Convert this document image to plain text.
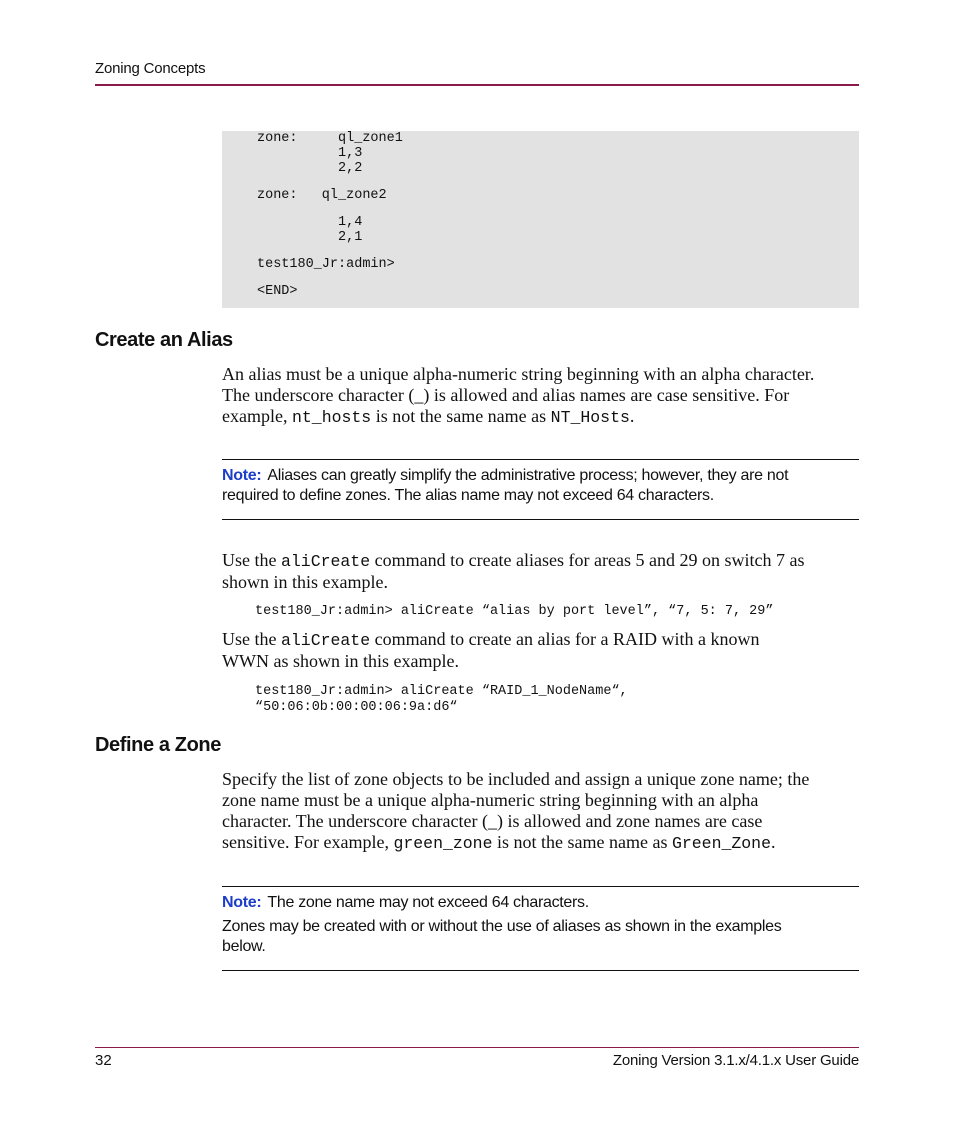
Zoning Concepts
zone:     ql_zone1
1,3
2,2
zone:   ql_zone2
1,4
2,1
test180_Jr:admin>
<END>
Create an Alias
An alias must be a unique alpha-numeric string beginning with an alpha character.
The underscore character (_) is allowed and alias names are case sensitive. For
example, nt_hosts is not the same name as NT_Hosts.
Note: Aliases can greatly simplify the administrative process; however, they are not
required to define zones. The alias name may not exceed 64 characters.
Use the aliCreate command to create aliases for areas 5 and 29 on switch 7 as
shown in this example.
test180_Jr:admin> aliCreate “alias by port level”, “7, 5: 7, 29”
Use the aliCreate command to create an alias for a RAID with a known
WWN as shown in this example.
test180_Jr:admin> aliCreate “RAID_1_NodeName“,
“50:06:0b:00:00:06:9a:d6“
Define a Zone
Specify the list of zone objects to be included and assign a unique zone name; the
zone name must be a unique alpha-numeric string beginning with an alpha
character. The underscore character (_) is allowed and zone names are case
sensitive. For example, green_zone is not the same name as Green_Zone.
Note: The zone name may not exceed 64 characters.
Zones may be created with or without the use of aliases as shown in the examples
below.
32	Zoning Version 3.1.x/4.1.x User Guide
